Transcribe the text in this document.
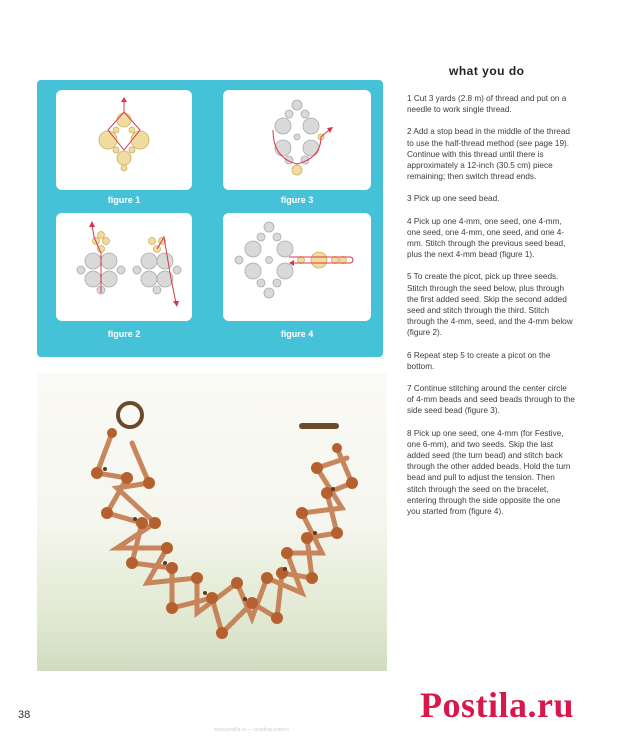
figure 1	figure 3
figure 2	figure 4
what you do

1 Cut 3 yards (2.8 m) of thread and put on a needle to work single thread.

2 Add a stop bead in the middle of the thread to use the half-thread method (see page 19). Continue with this thread until there is approximately a 12-inch (30.5 cm) piece remaining; then switch thread ends.

3 Pick up one seed bead.

4 Pick up one 4-mm, one seed, one 4-mm, one seed, one 4-mm, one seed, and one 4-mm. Stitch through the previous seed bead, plus the next 4-mm bead (figure 1).

5 To create the picot, pick up three seeds. Stitch through the seed below, plus through the first added seed. Skip the second added seed and stitch through the third. Stitch through the 4-mm, seed, and the 4-mm below (figure 2).

6 Repeat step 5 to create a picot on the bottom.

7 Continue stitching around the center circle of 4-mm beads and seed beads through to the side seed bead (figure 3).

8 Pick up one seed, one 4-mm (for Festive, one 6-mm), and two seeds. Skip the last added seed (the turn bead) and stitch back through the other added beads. Hold the turn bead and pull to adjust the tension. Then stitch through the seed on the bracelet, entering through the side opposite the one you started from (figure 4).

38	Postila.ru
www.postila.ru — beading pattern
